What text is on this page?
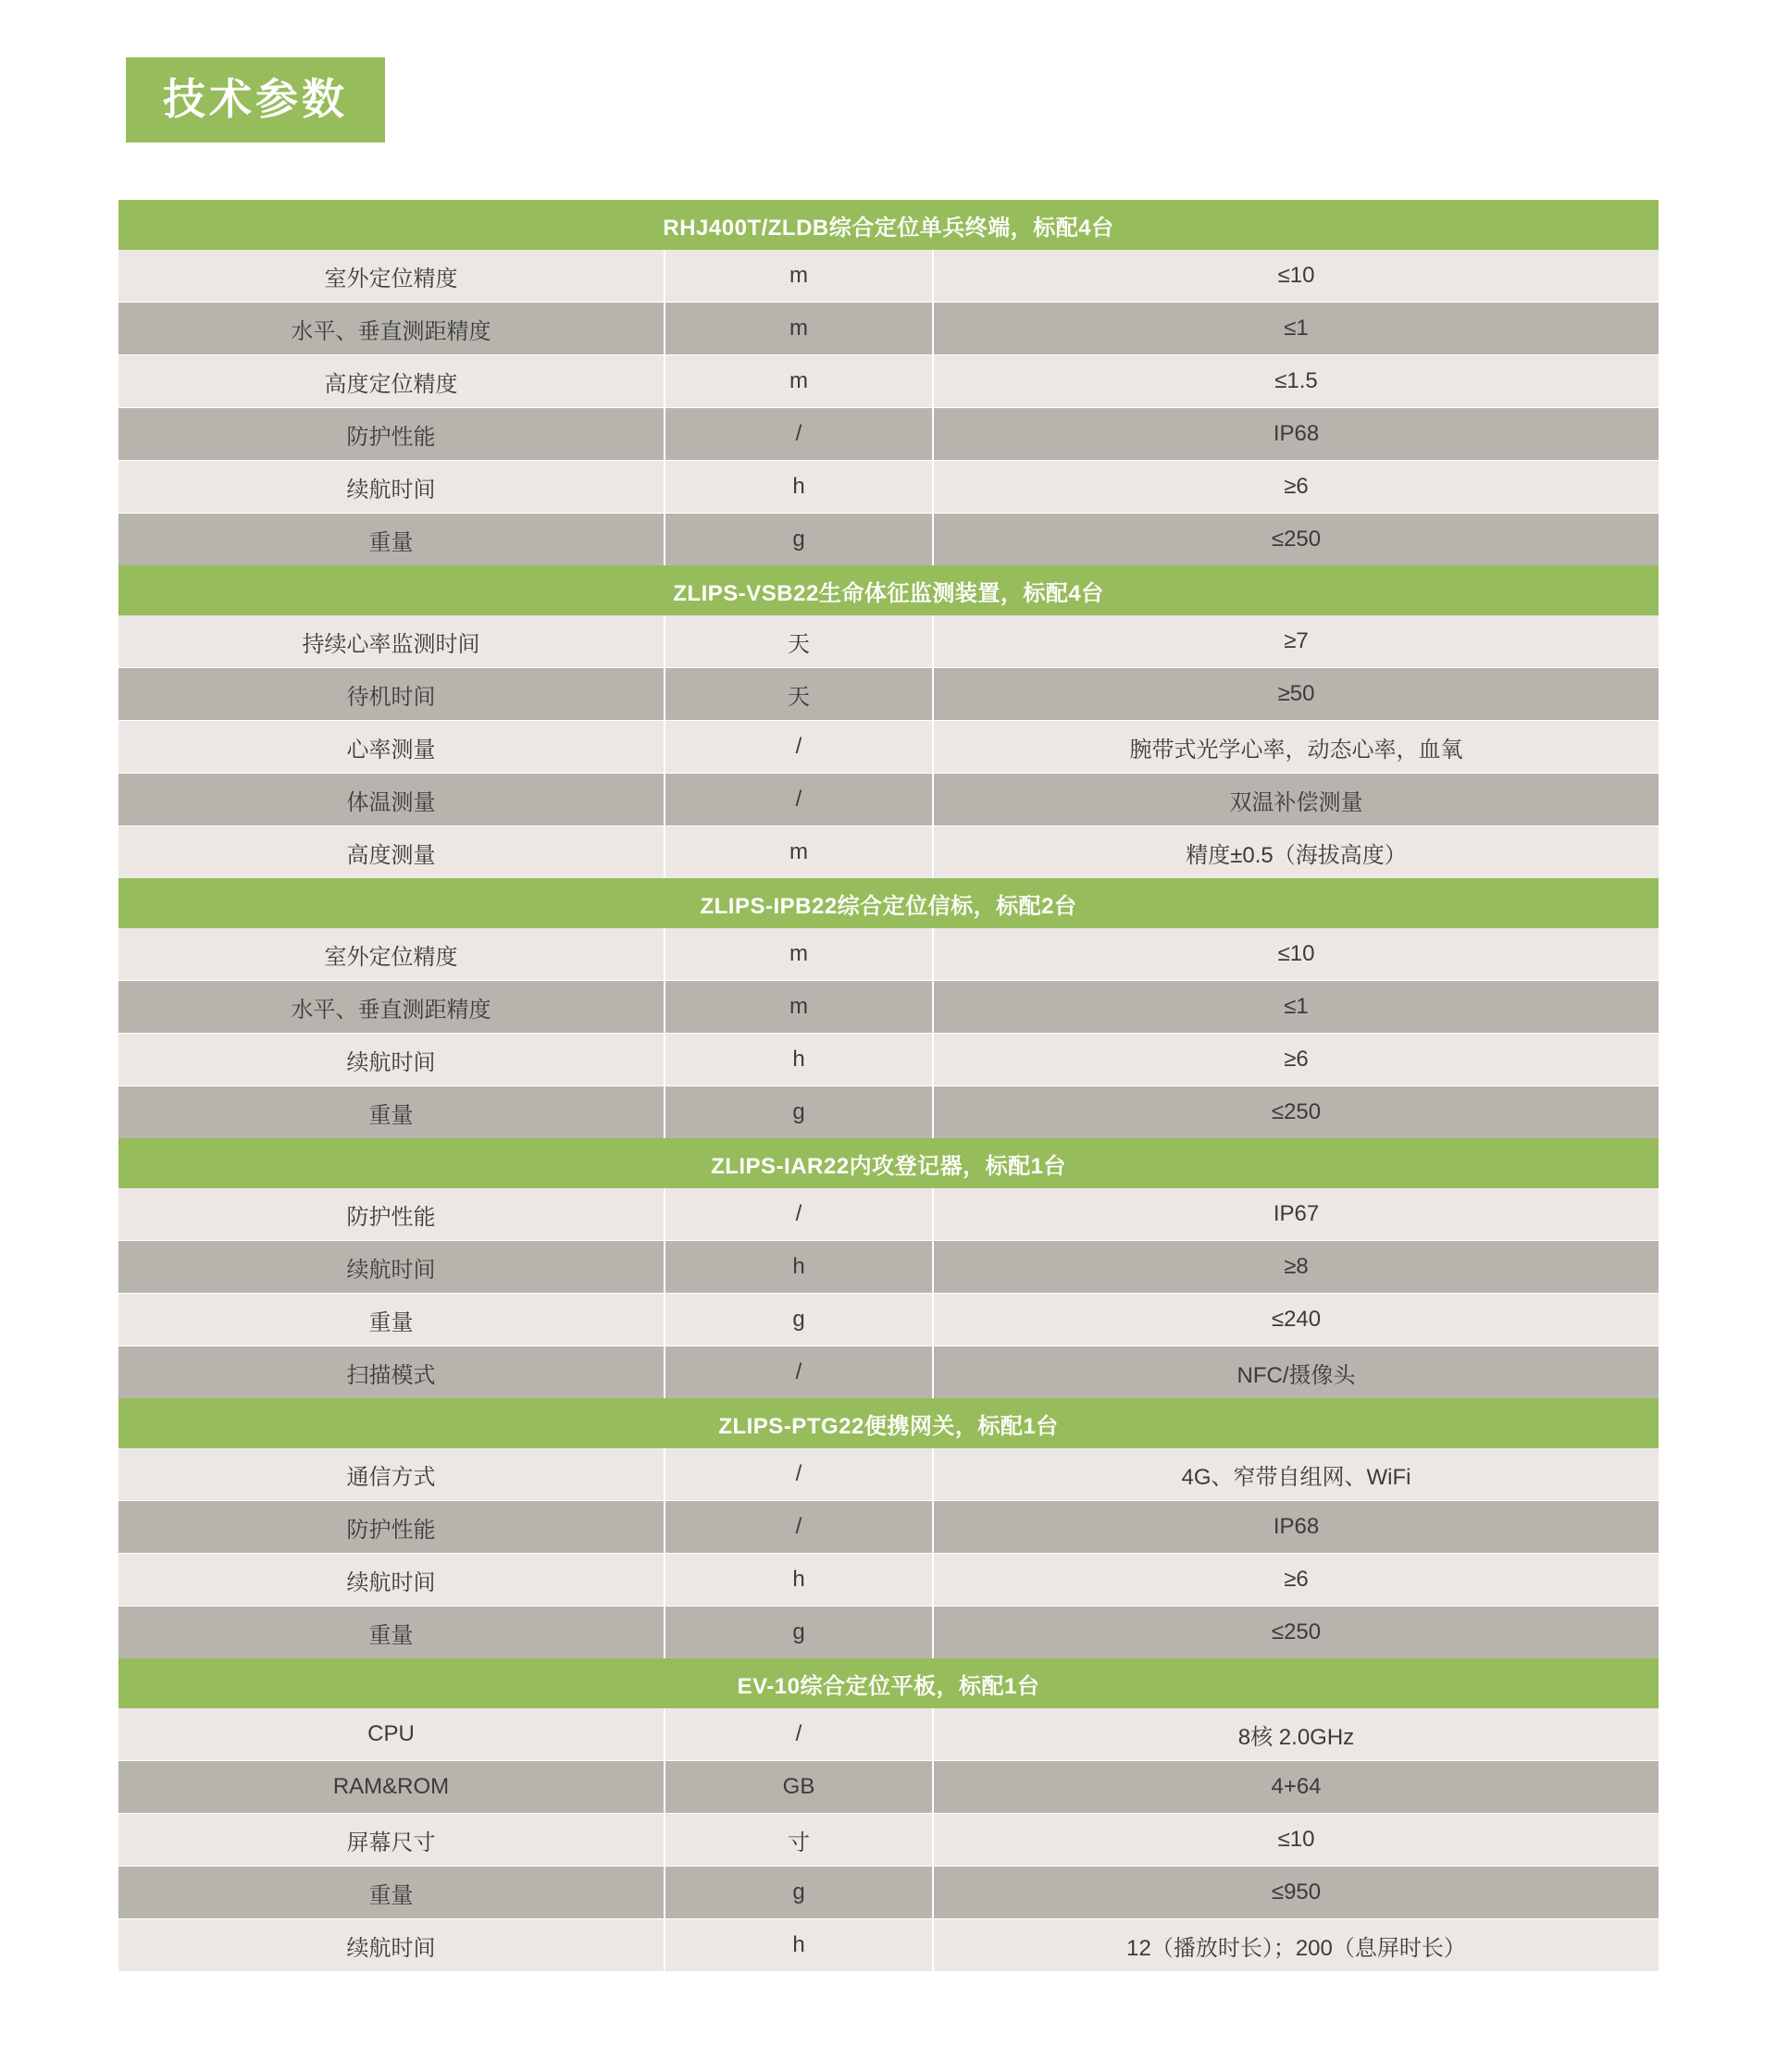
技术参数
RHJ400T/ZLDB综合定位单兵终端，标配4台		
室外定位精度	m	≤10
水平、垂直测距精度	m	≤1
高度定位精度	m	≤1.5
防护性能	/	IP68
续航时间	h	≥6
重量	g	≤250
ZLIPS-VSB22生命体征监测装置，标配4台		
持续心率监测时间	天	≥7
待机时间	天	≥50
心率测量	/	腕带式光学心率，动态心率，血氧
体温测量	/	双温补偿测量
高度测量	m	精度±0.5（海拔高度）
ZLIPS-IPB22综合定位信标，标配2台		
室外定位精度	m	≤10
水平、垂直测距精度	m	≤1
续航时间	h	≥6
重量	g	≤250
ZLIPS-IAR22内攻登记器，标配1台		
防护性能	/	IP67
续航时间	h	≥8
重量	g	≤240
扫描模式	/	NFC/摄像头
ZLIPS-PTG22便携网关，标配1台		
通信方式	/	4G、窄带自组网、WiFi
防护性能	/	IP68
续航时间	h	≥6
重量	g	≤250
EV-10综合定位平板，标配1台		
CPU	/	8核 2.0GHz
RAM&ROM	GB	4+64
屏幕尺寸	寸	≤10
重量	g	≤950
续航时间	h	12（播放时长）；200（息屏时长）
